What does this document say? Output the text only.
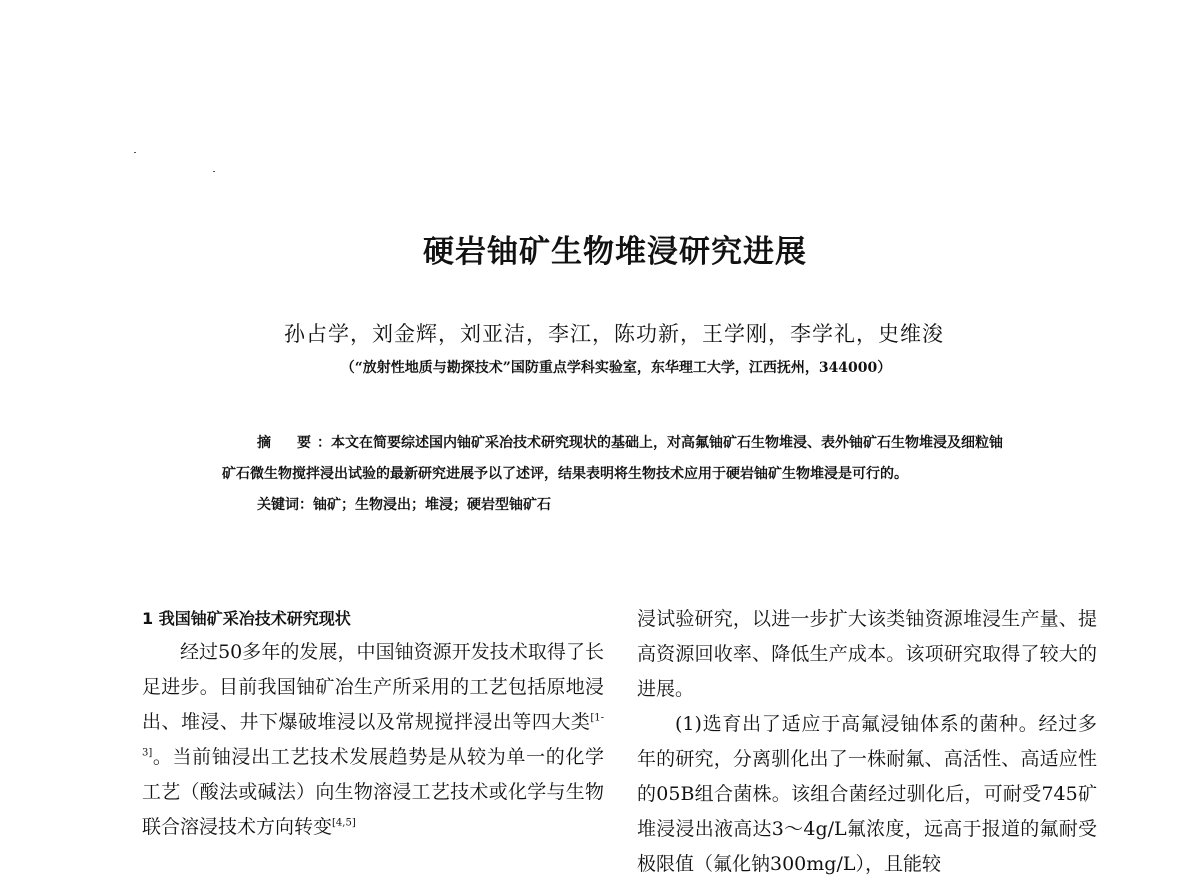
硬岩铀矿生物堆浸研究进展
孙占学，刘金辉，刘亚洁，李江，陈功新，王学刚，李学礼，史维浚
（“放射性地质与勘探技术”国防重点学科实验室，东华理工大学，江西抚州，344000）
摘　要：本文在简要综述国内铀矿采冶技术研究现状的基础上，对高氟铀矿石生物堆浸、表外铀矿石生物堆浸及细粒铀矿石微生物搅拌浸出试验的最新研究进展予以了述评，结果表明将生物技术应用于硬岩铀矿生物堆浸是可行的。
关键词：铀矿；生物浸出；堆浸；硬岩型铀矿石
1 我国铀矿采冶技术研究现状
经过50多年的发展，中国铀资源开发技术取得了长足进步。目前我国铀矿冶生产所采用的工艺包括原地浸出、堆浸、井下爆破堆浸以及常规搅拌浸出等四大类[1-3]。当前铀浸出工艺技术发展趋势是从较为单一的化学工艺（酸法或碱法）向生物溶浸工艺技术或化学与生物联合溶浸技术方向转变[4,5]
浸试验研究，以进一步扩大该类铀资源堆浸生产量、提高资源回收率、降低生产成本。该项研究取得了较大的进展。
(1)选育出了适应于高氟浸铀体系的菌种。经过多年的研究，分离驯化出了一株耐氟、高活性、高适应性的05B组合菌株。该组合菌经过驯化后，可耐受745矿堆浸浸出液高达3～4g/L氟浓度，远高于报道的氟耐受极限值（氟化钠300mg/L），且能较
